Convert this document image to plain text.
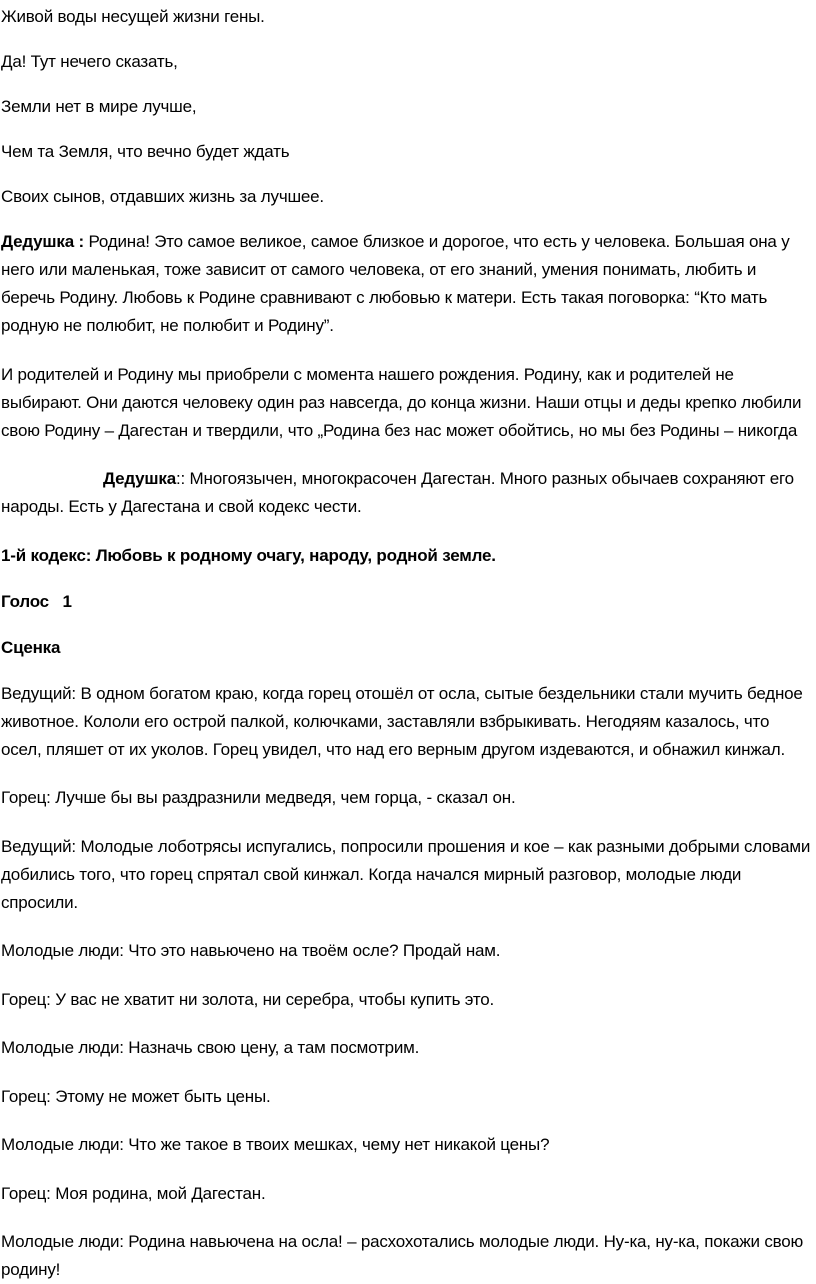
Живой воды несущей жизни гены.

Да! Тут нечего сказать,

Земли нет в мире лучше,

Чем та Земля, что вечно будет ждать

Своих сынов, отдавших жизнь за лучшее.

Дедушка : Родина! Это самое великое, самое близкое и дорогое, что есть у человека. Большая она у него или маленькая, тоже зависит от самого человека, от его знаний, умения понимать, любить и беречь Родину. Любовь к Родине сравнивают с любовью к матери. Есть такая поговорка: “Кто мать родную не полюбит, не полюбит и Родину”.

И родителей и Родину мы приобрели с момента нашего рождения. Родину, как и родителей не выбирают. Они даются человеку один раз навсегда, до конца жизни. Наши отцы и деды крепко любили свою Родину – Дагестан и твердили, что „Родина без нас может обойтись, но мы без Родины – никогда

Дедушка:: Многоязычен, многокрасочен Дагестан. Много разных обычаев сохраняют его народы. Есть у Дагестана и свой кодекс чести.

1-й кодекс: Любовь к родному очагу, народу, родной земле.

Голос   1

Сценка

Ведущий: В одном богатом краю, когда горец отошёл от осла, сытые бездельники стали мучить бедное животное. Кололи его острой палкой, колючками, заставляли взбрыкивать. Негодяям казалось, что осел, пляшет от их уколов. Горец увидел, что над его верным другом издеваются, и обнажил кинжал.

Горец: Лучше бы вы раздразнили медведя, чем горца, - сказал он.

Ведущий: Молодые лоботрясы испугались, попросили прошения и кое – как разными добрыми словами добились того, что горец спрятал свой кинжал. Когда начался мирный разговор, молодые люди спросили.

Молодые люди: Что это навьючено на твоём осле? Продай нам.

Горец: У вас не хватит ни золота, ни серебра, чтобы купить это.

Молодые люди: Назначь свою цену, а там посмотрим.

Горец: Этому не может быть цены.

Молодые люди: Что же такое в твоих мешках, чему нет никакой цены?

Горец: Моя родина, мой Дагестан.

Молодые люди: Родина навьючена на осла! – расхохотались молодые люди. Ну-ка, ну-ка, покажи свою родину!
